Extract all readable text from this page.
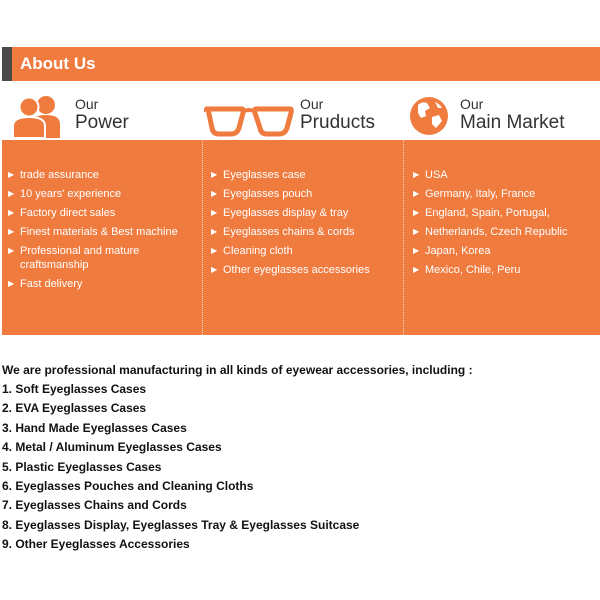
About Us
Our
Power
Our
Pruducts
Our
Main Market
▶ trade assurance
▶ 10 years' experience
▶ Factory direct sales
▶ Finest materials & Best machine
▶ Professional and mature craftsmanship
▶ Fast delivery
▶ Eyeglasses case
▶ Eyeglasses pouch
▶ Eyeglasses display & tray
▶ Eyeglasses chains & cords
▶ Cleaning cloth
▶ Other eyeglasses accessories
▶ USA
▶ Germany, Italy, France
▶ England, Spain, Portugal,
▶ Netherlands, Czech Republic
▶ Japan, Korea
▶ Mexico, Chile, Peru
We are professional manufacturing in all kinds of eyewear accessories, including :
1. Soft Eyeglasses Cases
2. EVA Eyeglasses Cases
3. Hand Made Eyeglasses Cases
4. Metal / Aluminum Eyeglasses Cases
5. Plastic Eyeglasses Cases
6. Eyeglasses Pouches and Cleaning Cloths
7. Eyeglasses Chains and Cords
8. Eyeglasses Display, Eyeglasses Tray & Eyeglasses Suitcase
9. Other Eyeglasses Accessories
